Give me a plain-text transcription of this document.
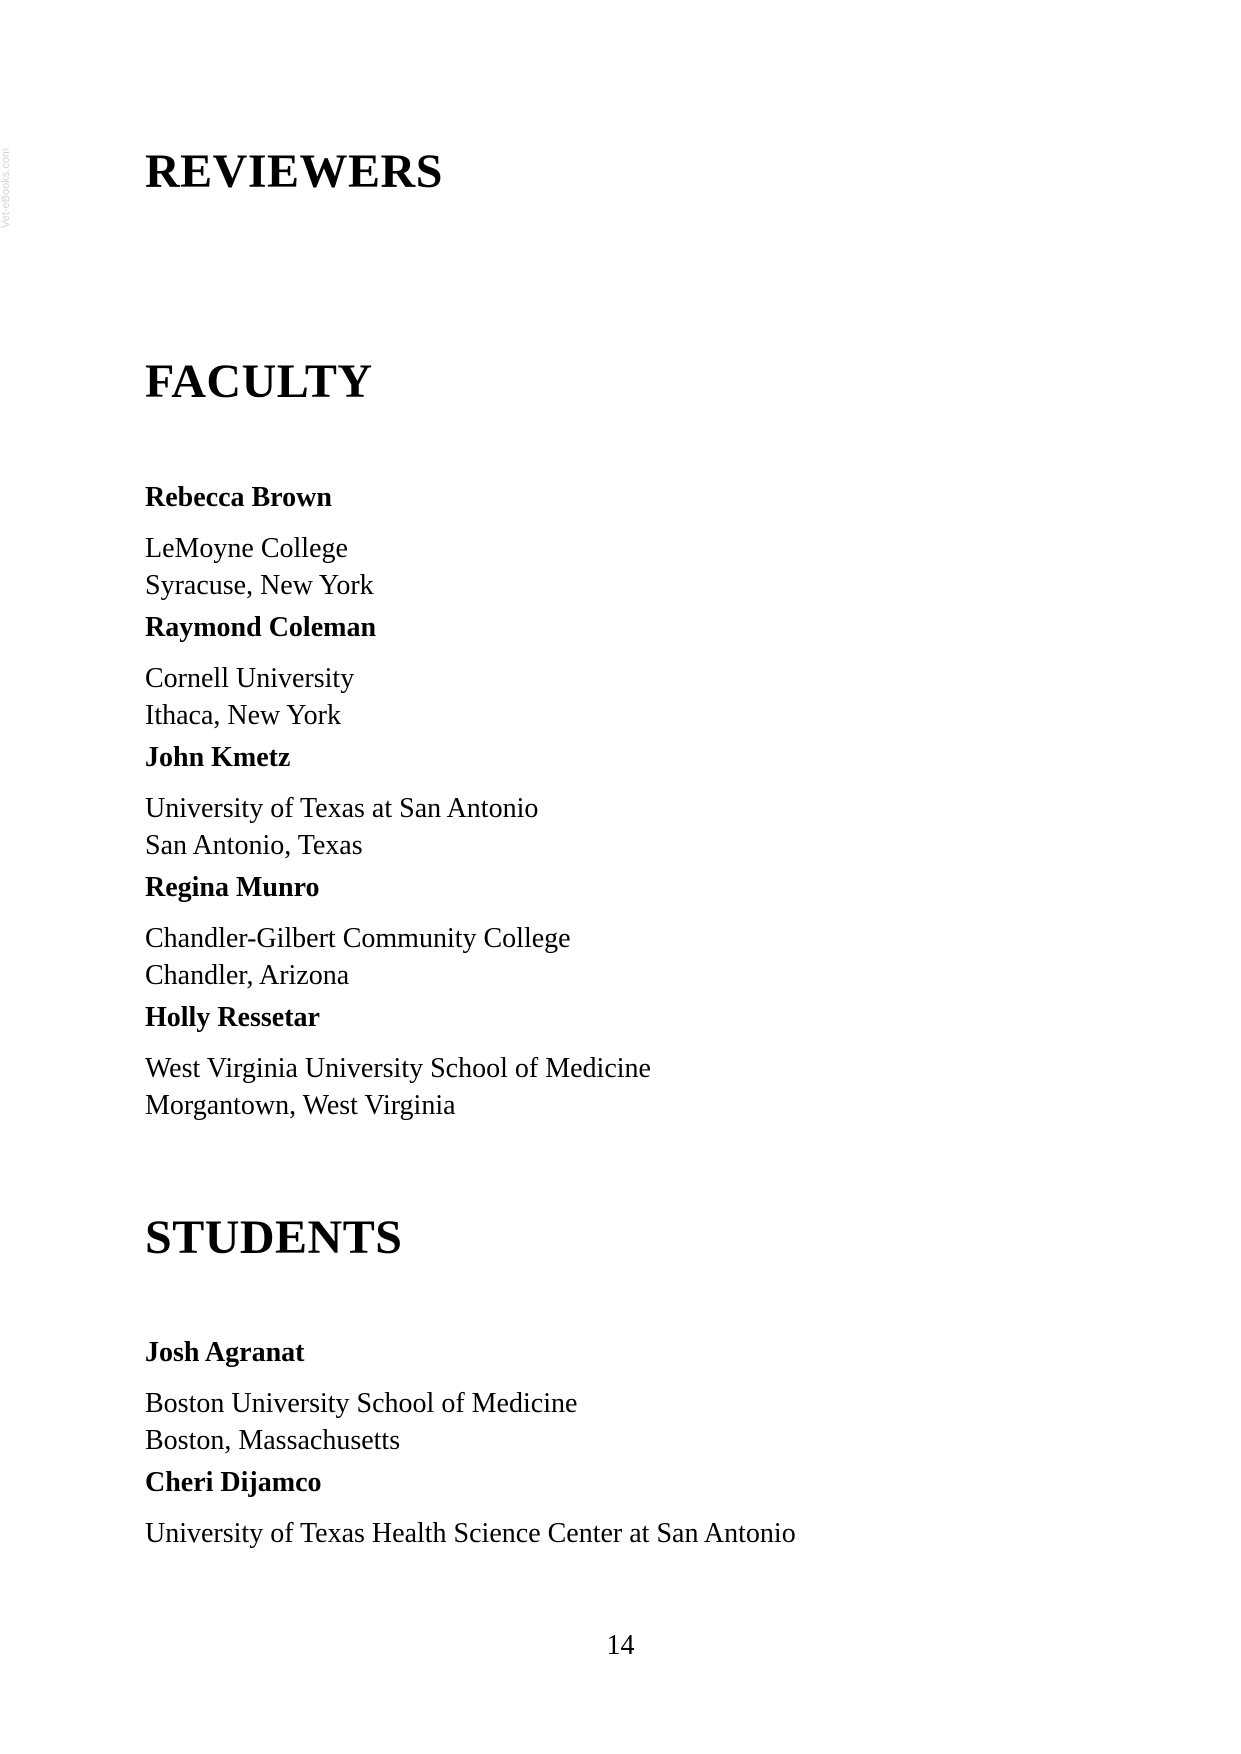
Vet-eBooks.com	REVIEWERS
FACULTY
Rebecca Brown
LeMoyne College
Syracuse, New York
Raymond Coleman
Cornell University
Ithaca, New York
John Kmetz
University of Texas at San Antonio
San Antonio, Texas
Regina Munro
Chandler-Gilbert Community College
Chandler, Arizona
Holly Ressetar
West Virginia University School of Medicine
Morgantown, West Virginia
STUDENTS
Josh Agranat
Boston University School of Medicine
Boston, Massachusetts
Cheri Dijamco
University of Texas Health Science Center at San Antonio
14
